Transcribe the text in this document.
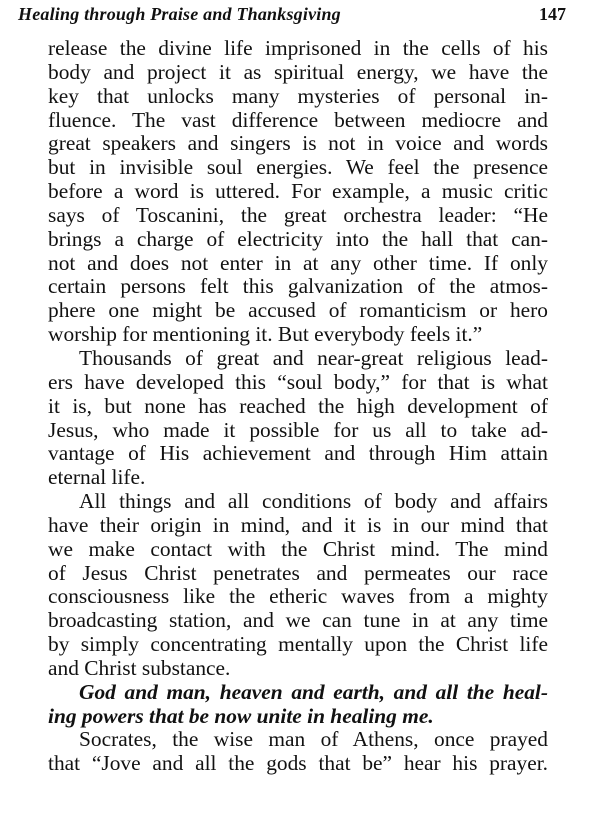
Healing through Praise and Thanksgiving	147
release the divine life imprisoned in the cells of his
body and project it as spiritual energy, we have the
key that unlocks many mysteries of personal in-
fluence. The vast difference between mediocre and
great speakers and singers is not in voice and words
but in invisible soul energies. We feel the presence
before a word is uttered. For example, a music critic
says of Toscanini, the great orchestra leader: “He
brings a charge of electricity into the hall that can-
not and does not enter in at any other time. If only
certain persons felt this galvanization of the atmos-
phere one might be accused of romanticism or hero
worship for mentioning it. But everybody feels it.”
Thousands of great and near-great religious lead-
ers have developed this “soul body,” for that is what
it is, but none has reached the high development of
Jesus, who made it possible for us all to take ad-
vantage of His achievement and through Him attain
eternal life.
All things and all conditions of body and affairs
have their origin in mind, and it is in our mind that
we make contact with the Christ mind. The mind
of Jesus Christ penetrates and permeates our race
consciousness like the etheric waves from a mighty
broadcasting station, and we can tune in at any time
by simply concentrating mentally upon the Christ life
and Christ substance.
God and man, heaven and earth, and all the heal-
ing powers that be now unite in healing me.
Socrates, the wise man of Athens, once prayed
that “Jove and all the gods that be” hear his prayer.
